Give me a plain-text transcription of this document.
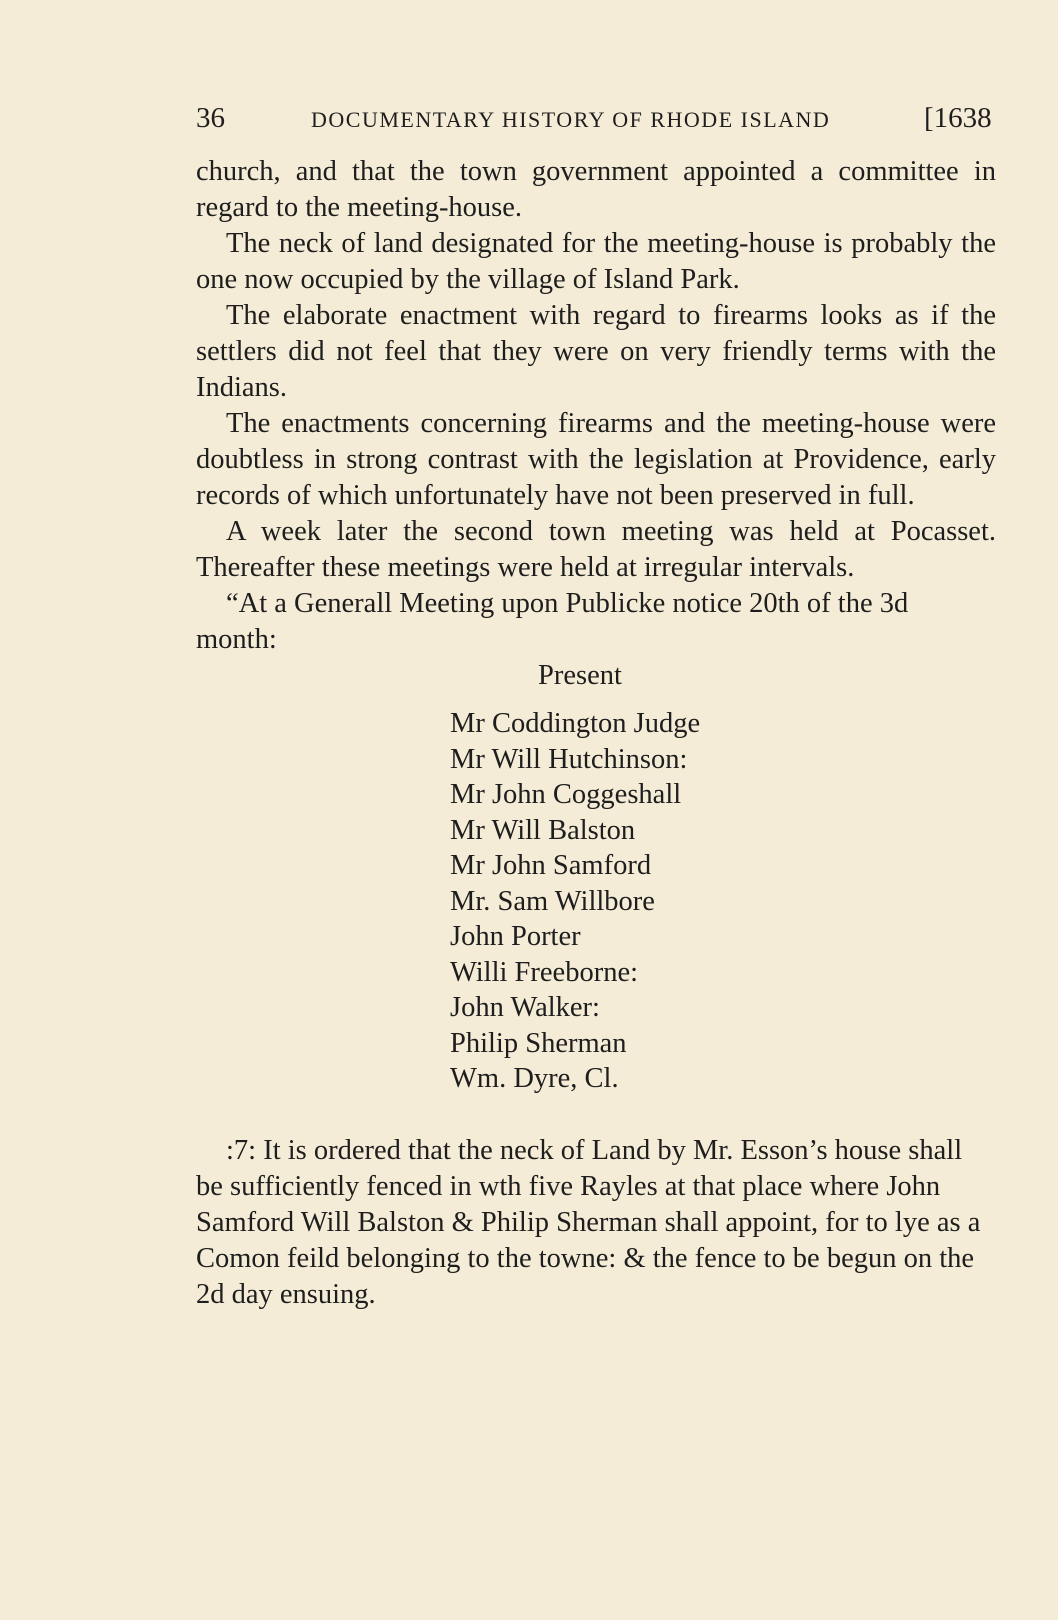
36	DOCUMENTARY HISTORY OF RHODE ISLAND	[1638

church, and that the town government appointed a committee in regard to the meeting-house.

The neck of land designated for the meeting-house is probably the one now occupied by the village of Island Park.

The elaborate enactment with regard to firearms looks as if the settlers did not feel that they were on very friendly terms with the Indians.

The enactments concerning firearms and the meeting-house were doubtless in strong contrast with the legislation at Providence, early records of which unfortunately have not been preserved in full.

A week later the second town meeting was held at Pocasset. Thereafter these meetings were held at irregular intervals.

“At a Generall Meeting upon Publicke notice 20th of the 3d month:

Present

Mr Coddington Judge
Mr Will Hutchinson:
Mr John Coggeshall
Mr Will Balston
Mr John Samford
Mr. Sam Willbore
John Porter
Willi Freeborne:
John Walker:
Philip Sherman
Wm. Dyre, Cl.

:7: It is ordered that the neck of Land by Mr. Esson’s house shall be sufficiently fenced in wth five Rayles at that place where John Samford Will Balston & Philip Sherman shall appoint, for to lye as a Comon feild belonging to the towne: & the fence to be begun on the 2d day ensuing.
